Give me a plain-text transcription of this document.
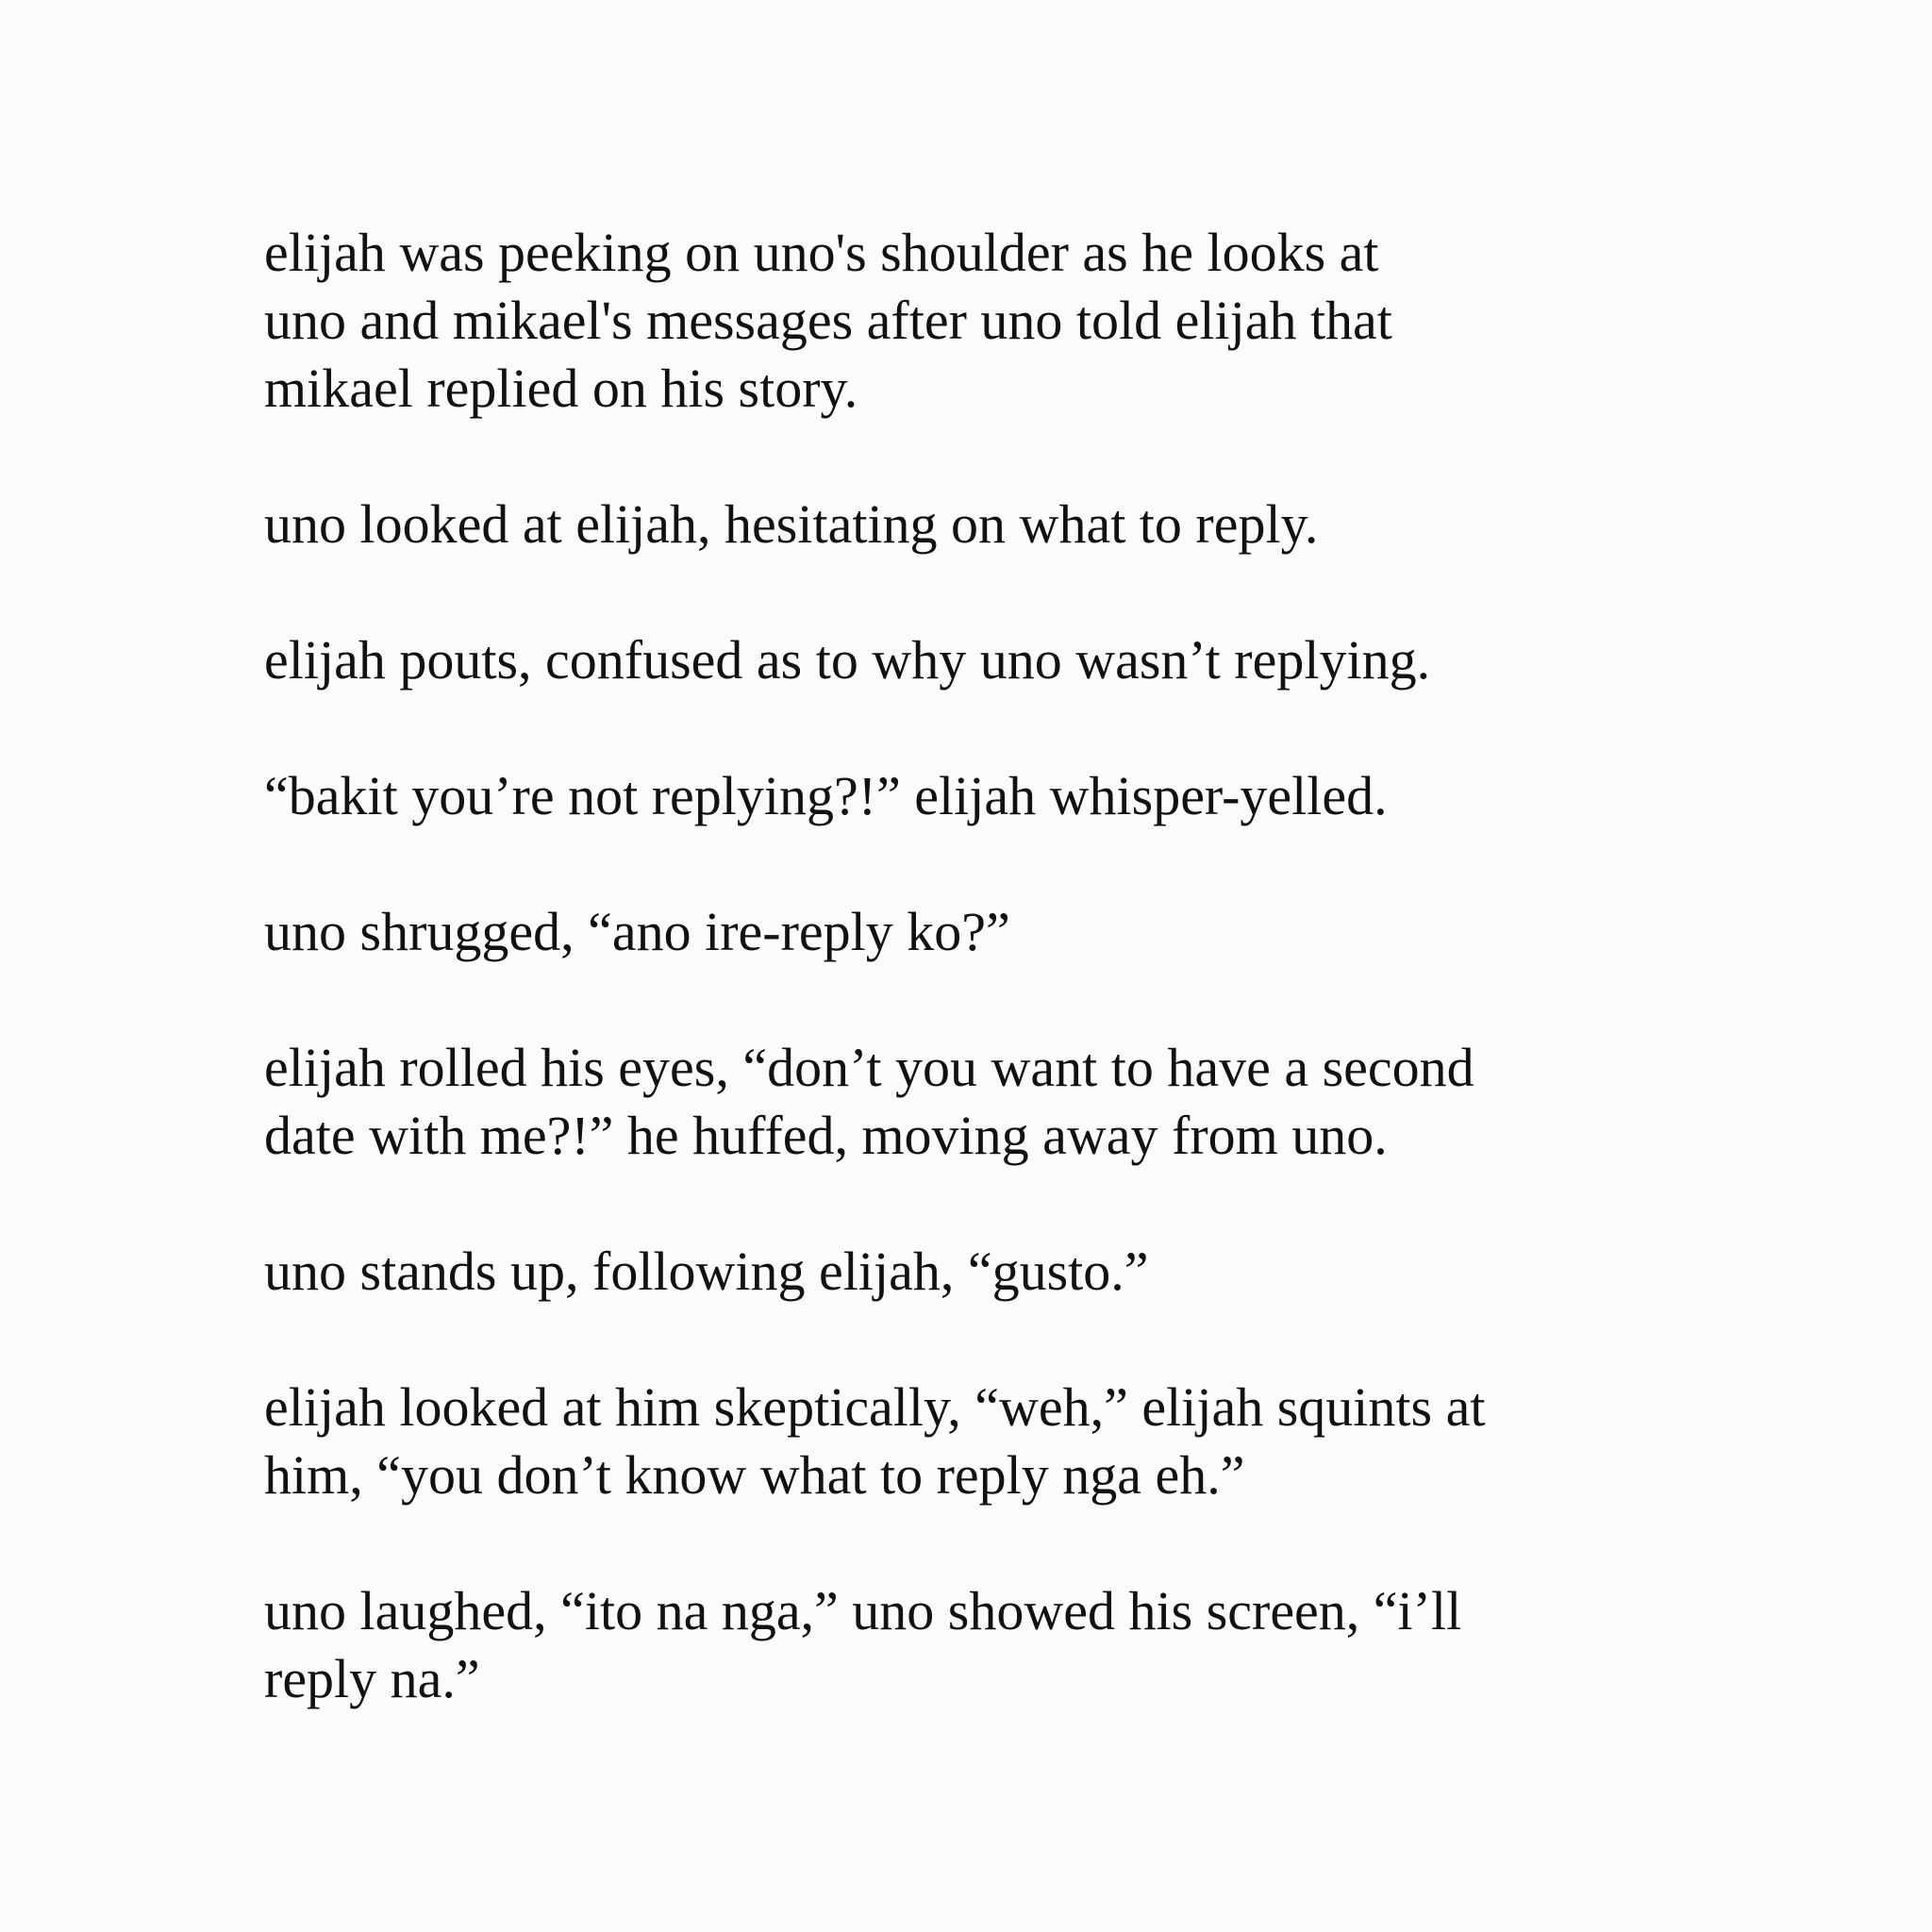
elijah was peeking on uno's shoulder as he looks at
uno and mikael's messages after uno told elijah that
mikael replied on his story.

uno looked at elijah, hesitating on what to reply.

elijah pouts, confused as to why uno wasn’t replying.

“bakit you’re not replying?!” elijah whisper-yelled.

uno shrugged, “ano ire-reply ko?”

elijah rolled his eyes, “don’t you want to have a second
date with me?!” he huffed, moving away from uno.

uno stands up, following elijah, “gusto.”

elijah looked at him skeptically, “weh,” elijah squints at
him, “you don’t know what to reply nga eh.”

uno laughed, “ito na nga,” uno showed his screen, “i’ll
reply na.”
